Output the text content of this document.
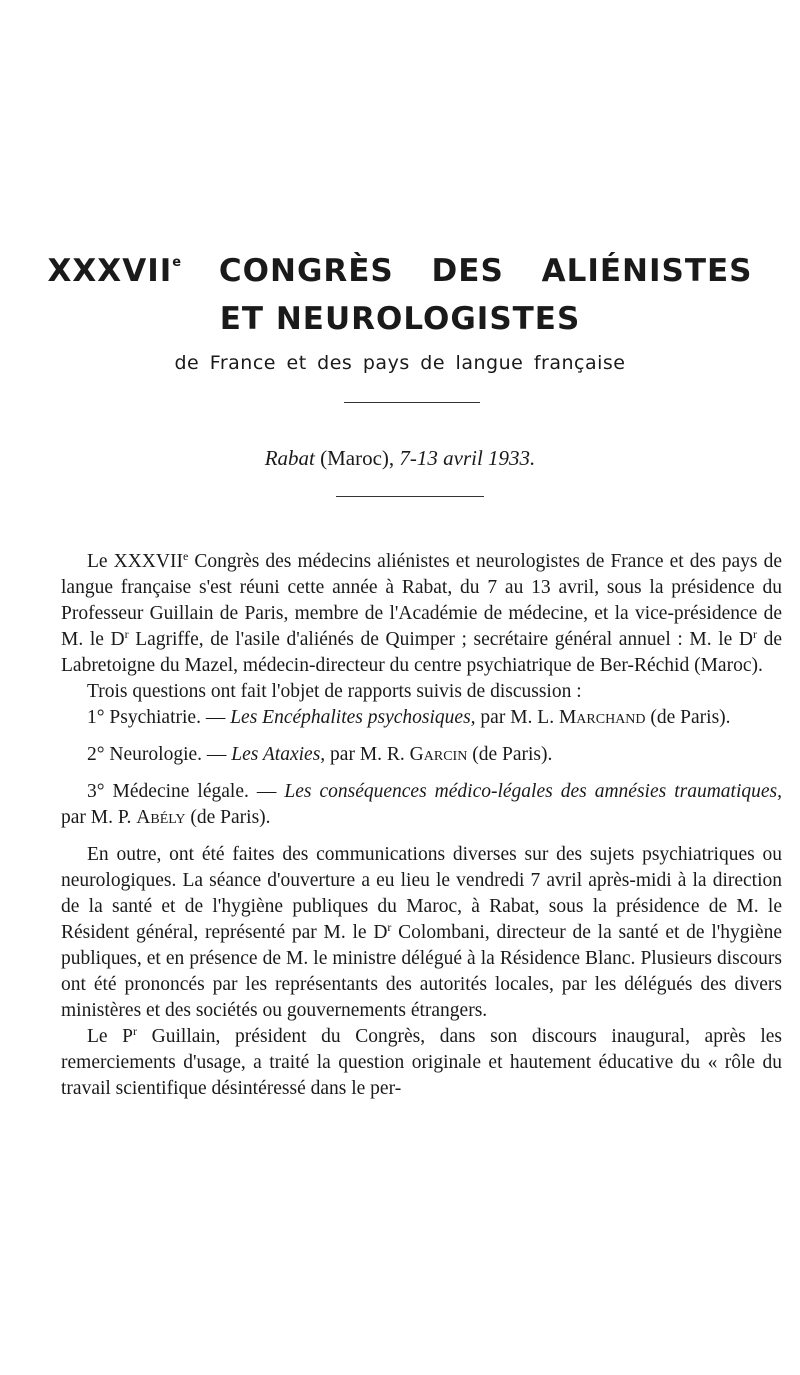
XXXVIIe CONGRÈS DES ALIÉNISTES
ET NEUROLOGISTES

de France et des pays de langue française

Rabat (Maroc), 7-13 avril 1933.

Le XXXVIIe Congrès des médecins aliénistes et neurologistes de France et des pays de langue française s'est réuni cette année à Rabat, du 7 au 13 avril, sous la présidence du Professeur Guillain de Paris, membre de l'Académie de médecine, et la vice-présidence de M. le $D^r$ Lagriffe, de l'asile d'aliénés de Quimper ; secrétaire général annuel : M. le $D^r$ de Labretoigne du Mazel, médecin-directeur du centre psychiatrique de Ber-Réchid (Maroc).

Trois questions ont fait l'objet de rapports suivis de discussion :

1° Psychiatrie. — Les Encéphalites psychosiques, par M. L. Marchand (de Paris).

2° Neurologie. — Les Ataxies, par M. R. Garcin (de Paris).

3° Médecine légale. — Les conséquences médico-légales des amnésies traumatiques, par M. P. Abély (de Paris).

En outre, ont été faites des communications diverses sur des sujets psychiatriques ou neurologiques. La séance d'ouverture a eu lieu le vendredi 7 avril après-midi à la direction de la santé et de l'hygiène publiques du Maroc, à Rabat, sous la présidence de M. le Résident général, représenté par M. le $D^r$ Colombani, directeur de la santé et de l'hygiène publiques, et en présence de M. le ministre délégué à la Résidence Blanc. Plusieurs discours ont été prononcés par les représentants des autorités locales, par les délégués des divers ministères et des sociétés ou gouvernements étrangers.

Le $P^r$ Guillain, président du Congrès, dans son discours inaugural, après les remerciements d'usage, a traité la question originale et hautement éducative du « rôle du travail scientifique désintéressé dans le per-
